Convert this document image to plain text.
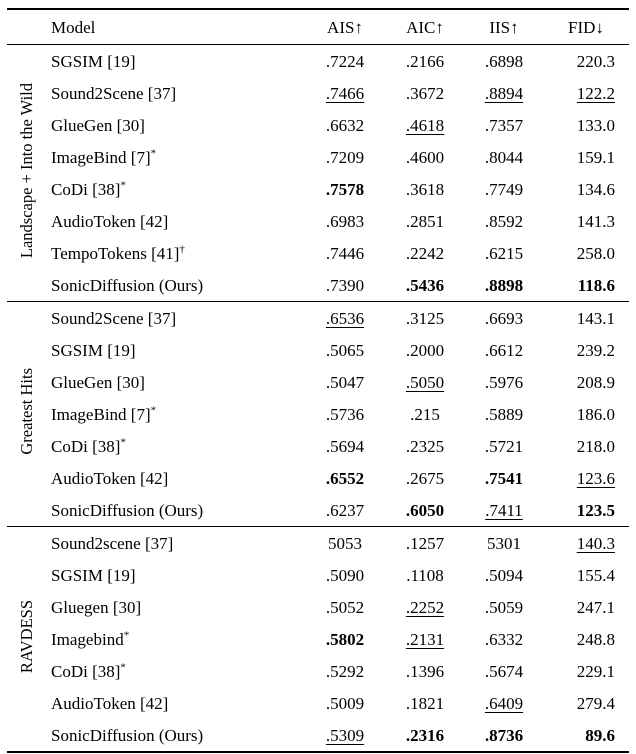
	Model	AIS↑	AIC↑	IIS↑	FID↓
Landscape + Into the Wild	SGSIM [19]	.7224	.2166	.6898	220.3
	Sound2Scene [37]	.7466	.3672	.8894	122.2
	GlueGen [30]	.6632	.4618	.7357	133.0
	ImageBind [7]*	.7209	.4600	.8044	159.1
	CoDi [38]*	.7578	.3618	.7749	134.6
	AudioToken [42]	.6983	.2851	.8592	141.3
	TempoTokens [41]†	.7446	.2242	.6215	258.0
	SonicDiffusion (Ours)	.7390	.5436	.8898	118.6
Greatest Hits	Sound2Scene [37]	.6536	.3125	.6693	143.1
	SGSIM [19]	.5065	.2000	.6612	239.2
	GlueGen [30]	.5047	.5050	.5976	208.9
	ImageBind [7]*	.5736	.215	.5889	186.0
	CoDi [38]*	.5694	.2325	.5721	218.0
	AudioToken [42]	.6552	.2675	.7541	123.6
	SonicDiffusion (Ours)	.6237	.6050	.7411	123.5
RAVDESS	Sound2scene [37]	5053	.1257	5301	140.3
	SGSIM [19]	.5090	.1108	.5094	155.4
	Gluegen [30]	.5052	.2252	.5059	247.1
	Imagebind*	.5802	.2131	.6332	248.8
	CoDi [38]*	.5292	.1396	.5674	229.1
	AudioToken [42]	.5009	.1821	.6409	279.4
	SonicDiffusion (Ours)	.5309	.2316	.8736	89.6
